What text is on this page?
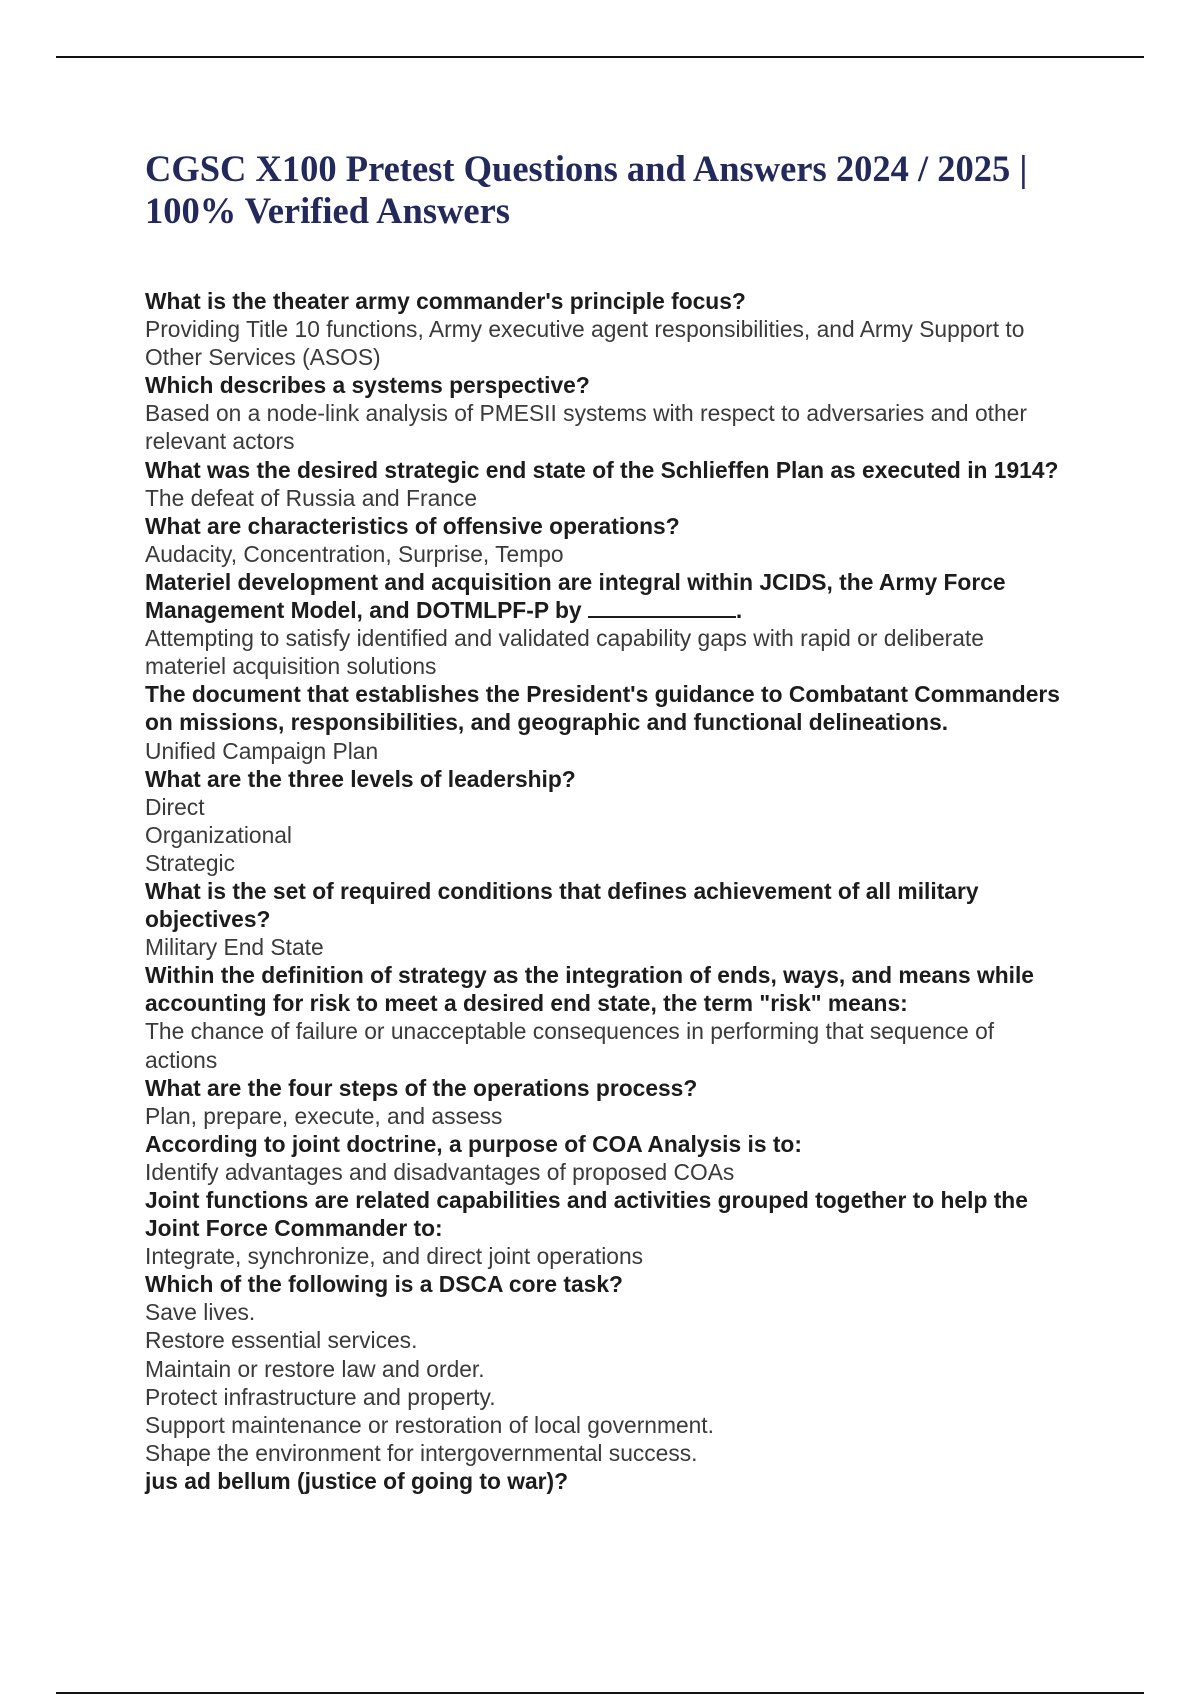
CGSC X100 Pretest Questions and Answers 2024 / 2025 | 100% Verified Answers
What is the theater army commander's principle focus?
Providing Title 10 functions, Army executive agent responsibilities, and Army Support to Other Services (ASOS)
Which describes a systems perspective?
Based on a node-link analysis of PMESII systems with respect to adversaries and other relevant actors
What was the desired strategic end state of the Schlieffen Plan as executed in 1914?
The defeat of Russia and France
What are characteristics of offensive operations?
Audacity, Concentration, Surprise, Tempo
Materiel development and acquisition are integral within JCIDS, the Army Force Management Model, and DOTMLPF-P by	.
Attempting to satisfy identified and validated capability gaps with rapid or deliberate materiel acquisition solutions
The document that establishes the President's guidance to Combatant Commanders on missions, responsibilities, and geographic and functional delineations.
Unified Campaign Plan
What are the three levels of leadership?
Direct
Organizational
Strategic
What is the set of required conditions that defines achievement of all military objectives?
Military End State
Within the definition of strategy as the integration of ends, ways, and means while accounting for risk to meet a desired end state, the term "risk" means:
The chance of failure or unacceptable consequences in performing that sequence of actions
What are the four steps of the operations process?
Plan, prepare, execute, and assess
According to joint doctrine, a purpose of COA Analysis is to:
Identify advantages and disadvantages of proposed COAs
Joint functions are related capabilities and activities grouped together to help the Joint Force Commander to:
Integrate, synchronize, and direct joint operations
Which of the following is a DSCA core task?
Save lives.
Restore essential services.
Maintain or restore law and order.
Protect infrastructure and property.
Support maintenance or restoration of local government.
Shape the environment for intergovernmental success.
jus ad bellum (justice of going to war)?
